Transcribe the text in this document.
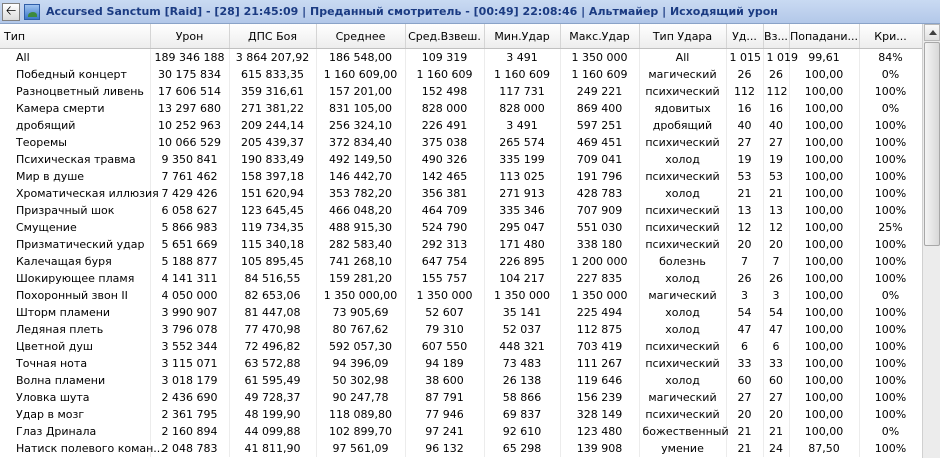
🡠	Accursed Sanctum [Raid] - [28] 21:45:09 | Преданный смотритель - [00:49] 22:08:46 | Альтмайер | Исходящий урон
Тип	Урон	ДПС Боя	Среднее	Сред.Взвеш.	Мин.Удар	Макс.Удар	Тип Удара	Уд...	Вз...	Попадани...	Кри...
All	189 346 188	3 864 207,92	186 548,00	109 319	3 491	1 350 000	All	1 015	1 019	99,61	84%
Победный концерт	30 175 834	615 833,35	1 160 609,00	1 160 609	1 160 609	1 160 609	магический	26	26	100,00	0%
Разноцветный ливень	17 606 514	359 316,61	157 201,00	152 498	117 731	249 221	психический	112	112	100,00	100%
Камера смерти	13 297 680	271 381,22	831 105,00	828 000	828 000	869 400	ядовитых	16	16	100,00	0%
дробящий	10 252 963	209 244,14	256 324,10	226 491	3 491	597 251	дробящий	40	40	100,00	100%
Теоремы	10 066 529	205 439,37	372 834,40	375 038	265 574	469 451	психический	27	27	100,00	100%
Психическая травма	9 350 841	190 833,49	492 149,50	490 326	335 199	709 041	холод	19	19	100,00	100%
Мир в душе	7 761 462	158 397,18	146 442,70	142 465	113 025	191 796	психический	53	53	100,00	100%
Хроматическая иллюзия	7 429 426	151 620,94	353 782,20	356 381	271 913	428 783	холод	21	21	100,00	100%
Призрачный шок	6 058 627	123 645,45	466 048,20	464 709	335 346	707 909	психический	13	13	100,00	100%
Смущение	5 866 983	119 734,35	488 915,30	524 790	295 047	551 030	психический	12	12	100,00	25%
Призматический удар	5 651 669	115 340,18	282 583,40	292 313	171 480	338 180	психический	20	20	100,00	100%
Калечащая буря	5 188 877	105 895,45	741 268,10	647 754	226 895	1 200 000	болезнь	7	7	100,00	100%
Шокирующее пламя	4 141 311	84 516,55	159 281,20	155 757	104 217	227 835	холод	26	26	100,00	100%
Похоронный звон II	4 050 000	82 653,06	1 350 000,00	1 350 000	1 350 000	1 350 000	магический	3	3	100,00	0%
Шторм пламени	3 990 907	81 447,08	73 905,69	52 607	35 141	225 494	холод	54	54	100,00	100%
Ледяная плеть	3 796 078	77 470,98	80 767,62	79 310	52 037	112 875	холод	47	47	100,00	100%
Цветной душ	3 552 344	72 496,82	592 057,30	607 550	448 321	703 419	психический	6	6	100,00	100%
Точная нота	3 115 071	63 572,88	94 396,09	94 189	73 483	111 267	психический	33	33	100,00	100%
Волна пламени	3 018 179	61 595,49	50 302,98	38 600	26 138	119 646	холод	60	60	100,00	100%
Уловка шута	2 436 690	49 728,37	90 247,78	87 791	58 866	156 239	магический	27	27	100,00	100%
Удар в мозг	2 361 795	48 199,90	118 089,80	77 946	69 837	328 149	психический	20	20	100,00	100%
Глаз Дринала	2 160 894	44 099,88	102 899,70	97 241	92 610	123 480	божественный	21	21	100,00	0%
Натиск полевого коман...	2 048 783	41 811,90	97 561,09	96 132	65 298	139 908	умение	21	24	87,50	100%
